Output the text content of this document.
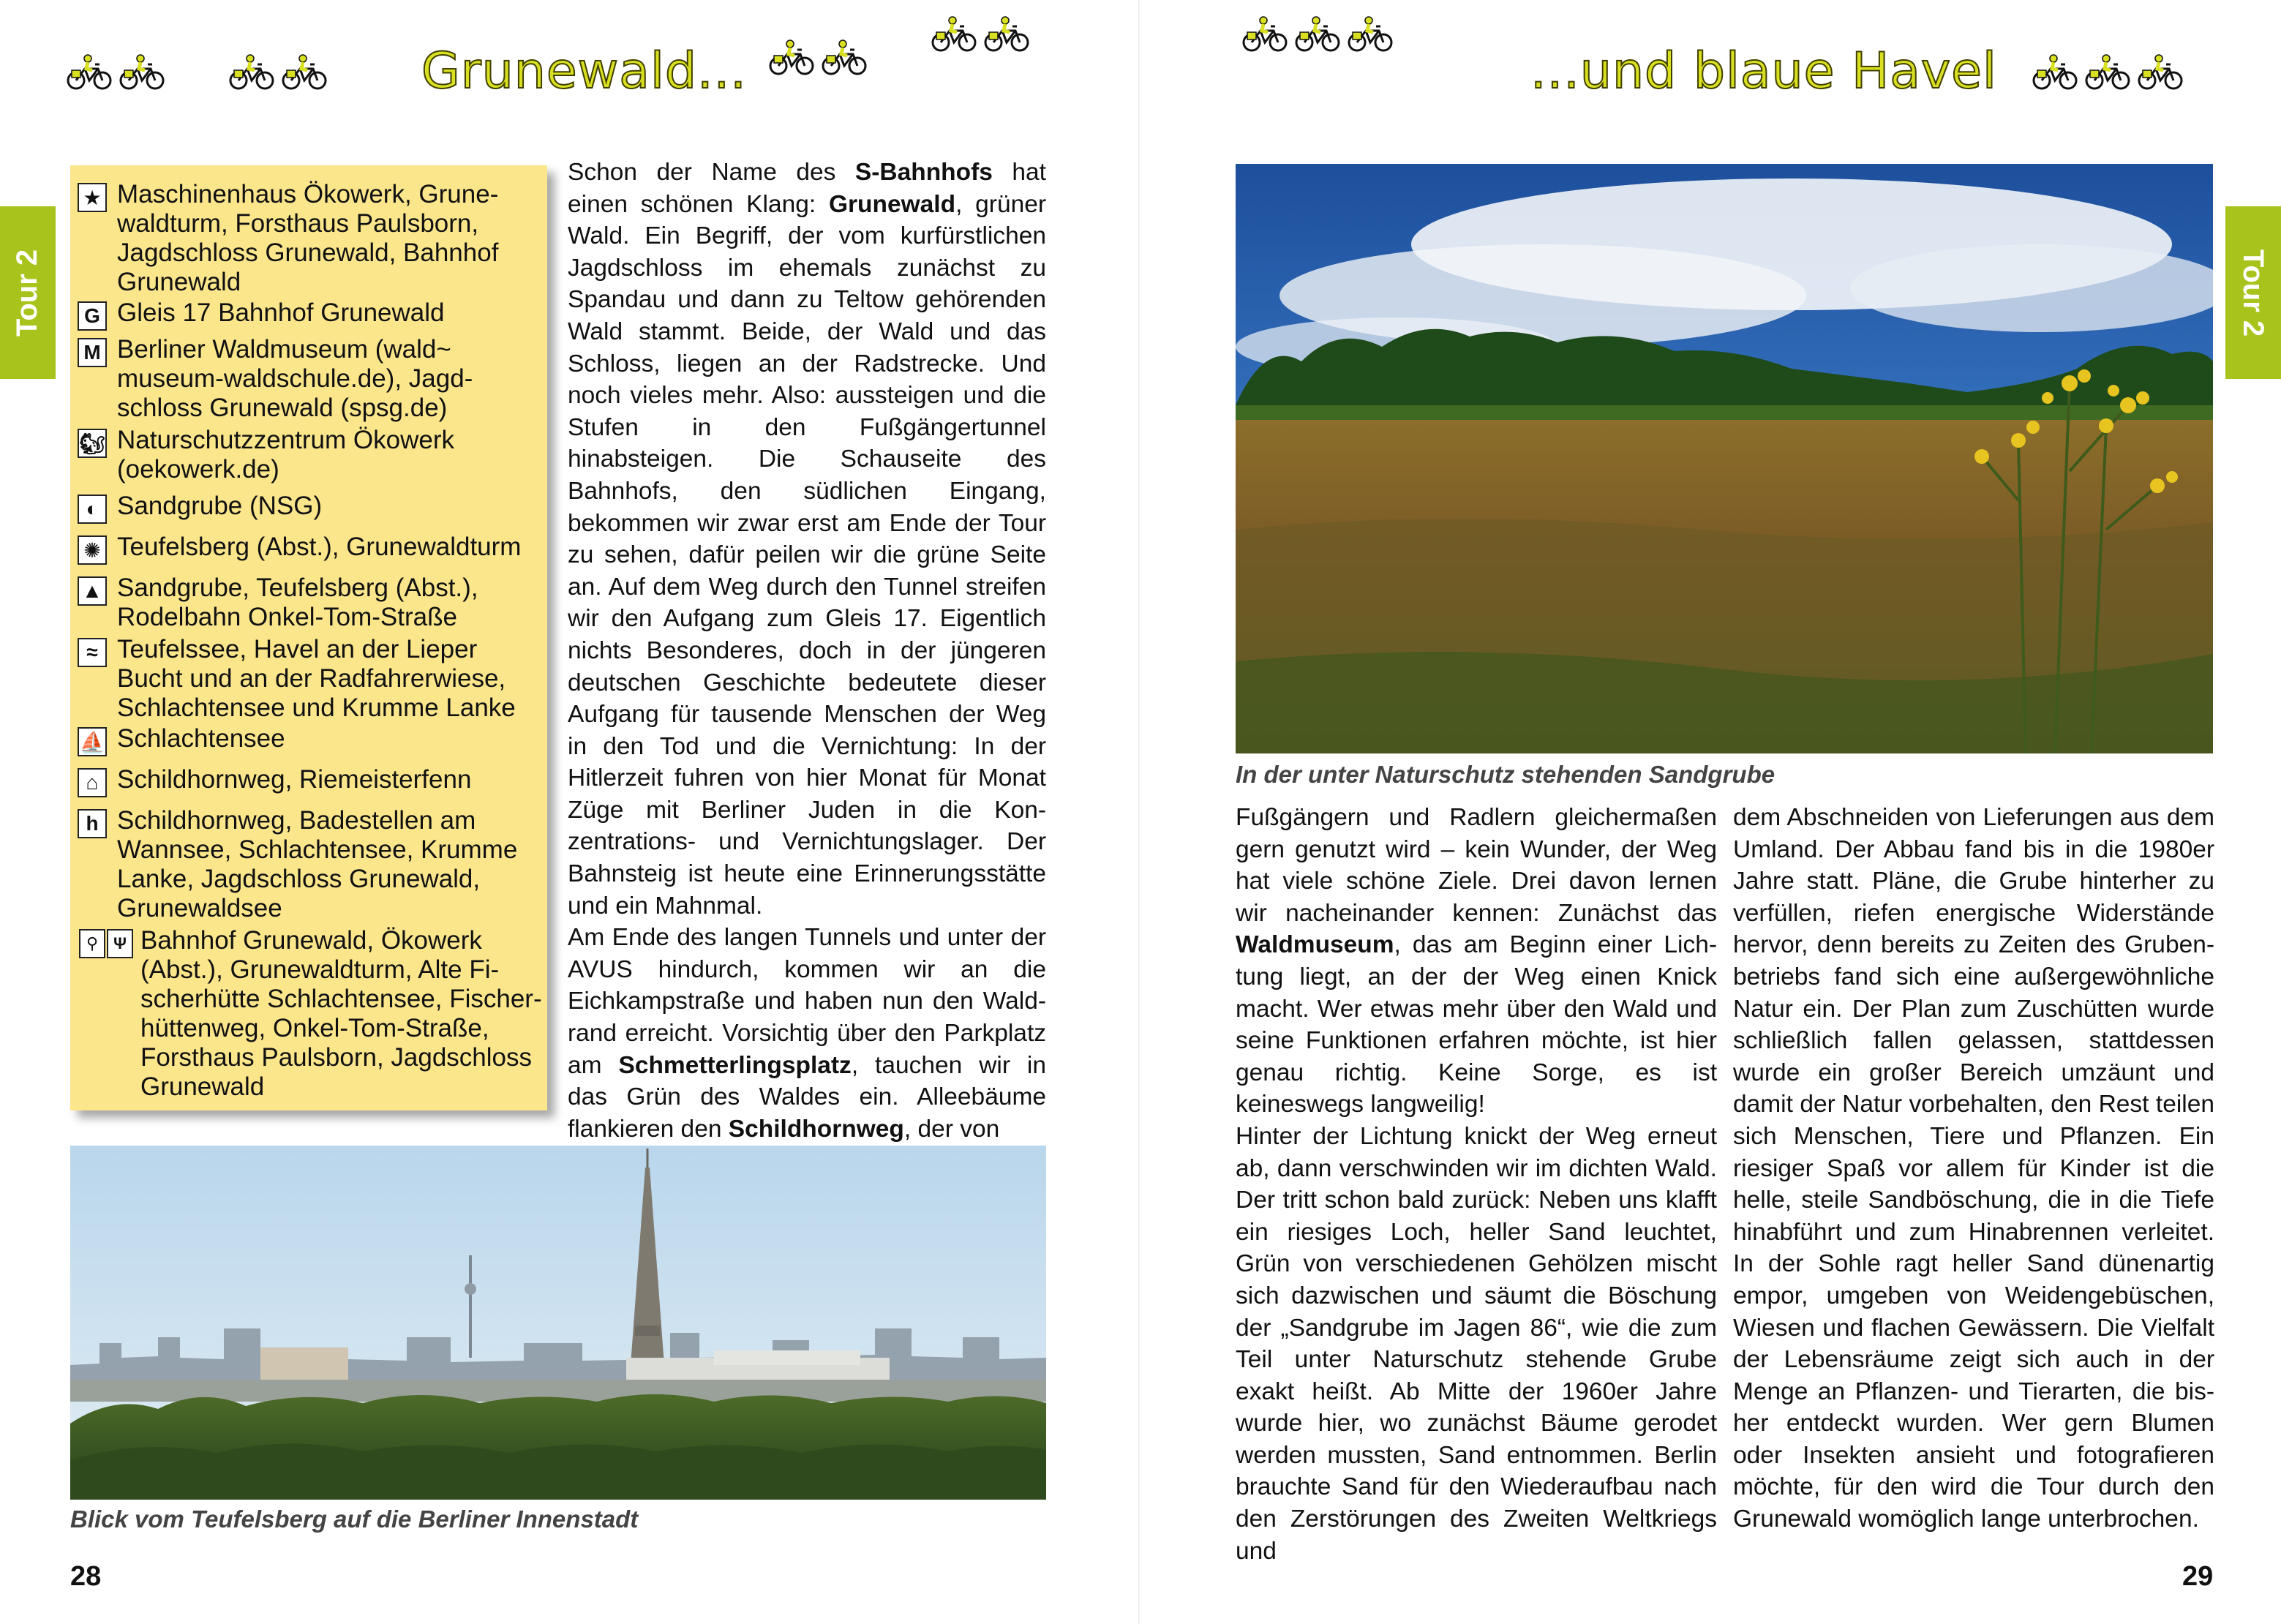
Grunewald...
Tour 2
★ Maschinenhaus Ökowerk, Grunewaldturm, Forsthaus Paulsborn, Jagdschloss Grunewald, Bahnhof Grunewald
G Gleis 17 Bahnhof Grunewald
M Berliner Waldmuseum (wald~ museum-waldschule.de), Jagdschloss Grunewald (spsg.de)
🐿 Naturschutzzentrum Ökowerk (oekowerk.de)
◐ Sandgrube (NSG)
✺ Teufelsberg (Abst.), Grunewaldturm
▲ Sandgrube, Teufelsberg (Abst.), Rodelbahn Onkel-Tom-Straße
≈ Teufelssee, Havel an der Lieper Bucht und an der Radfahrerwiese, Schlachtensee und Krumme Lanke
⛵ Schlachtensee
⌂ Schildhornweg, Riemeisterfenn
h Schildhornweg, Badestellen am Wannsee, Schlachtensee, Krumme Lanke, Jagdschloss Grunewald, Grunewaldsee
⚲ Ψ Bahnhof Grunewald, Ökowerk (Abst.), Grunewaldturm, Alte Fischerhütte Schlachtensee, Fischerhüttenweg, Onkel-Tom-Straße, Forsthaus Paulsborn, Jagdschloss Grunewald
Schon der Name des S-Bahnhofs hat einen schönen Klang: Grunewald, grüner Wald. Ein Begriff, der vom kurfürstlichen Jagdschloss im ehemals zunächst zu Spandau und dann zu Teltow gehörenden Wald stammt. Beide, der Wald und das Schloss, liegen an der Radstrecke. Und noch vieles mehr. Also: aussteigen und die Stufen in den Fußgängertunnel hinabsteigen. Die Schauseite des Bahnhofs, den südlichen Eingang, bekommen wir zwar erst am Ende der Tour zu sehen, dafür peilen wir die grüne Seite an. Auf dem Weg durch den Tunnel streifen wir den Aufgang zum Gleis 17. Eigentlich nichts Besonderes, doch in der jüngeren deutschen Geschichte bedeutete dieser Aufgang für tausende Menschen der Weg in den Tod und die Vernichtung: In der Hitlerzeit fuhren von hier Monat für Monat Züge mit Berliner Juden in die Konzentrations- und Vernichtungslager. Der Bahnsteig ist heute eine Erinnerungsstätte und ein Mahnmal.
Am Ende des langen Tunnels und unter der AVUS hindurch, kommen wir an die Eichkampstraße und haben nun den Waldrand erreicht. Vorsichtig über den Parkplatz am Schmetterlingsplatz, tauchen wir in das Grün des Waldes ein. Alleebäume flankieren den Schildhornweg, der von
Blick vom Teufelsberg auf die Berliner Innenstadt
28
...und blaue Havel
Tour 2
In der unter Naturschutz stehenden Sandgrube
Fußgängern und Radlern gleichermaßen gern genutzt wird – kein Wunder, der Weg hat viele schöne Ziele. Drei davon lernen wir nacheinander kennen: Zunächst das Waldmuseum, das am Beginn einer Lichtung liegt, an der der Weg einen Knick macht. Wer etwas mehr über den Wald und seine Funktionen erfahren möchte, ist hier genau richtig. Keine Sorge, es ist keineswegs langweilig!
Hinter der Lichtung knickt der Weg erneut ab, dann verschwinden wir im dichten Wald. Der tritt schon bald zurück: Neben uns klafft ein riesiges Loch, heller Sand leuchtet, Grün von verschiedenen Gehölzen mischt sich dazwischen und säumt die Böschung der „Sandgrube im Jagen 86“, wie die zum Teil unter Naturschutz stehende Grube exakt heißt. Ab Mitte der 1960er Jahre wurde hier, wo zunächst Bäume gerodet werden mussten, Sand entnommen. Berlin brauchte Sand für den Wiederaufbau nach den Zerstörungen des Zweiten Weltkriegs und
dem Abschneiden von Lieferungen aus dem Umland. Der Abbau fand bis in die 1980er Jahre statt. Pläne, die Grube hinterher zu verfüllen, riefen energische Widerstände hervor, denn bereits zu Zeiten des Grubenbetriebs fand sich eine außergewöhnliche Natur ein. Der Plan zum Zuschütten wurde schließlich fallen gelassen, stattdessen wurde ein großer Bereich umzäunt und damit der Natur vorbehalten, den Rest teilen sich Menschen, Tiere und Pflanzen. Ein riesiger Spaß vor allem für Kinder ist die helle, steile Sandböschung, die in die Tiefe hinabführt und zum Hinabrennen verleitet. In der Sohle ragt heller Sand dünenartig empor, umgeben von Weidengebüschen, Wiesen und flachen Gewässern. Die Vielfalt der Lebensräume zeigt sich auch in der Menge an Pflanzen- und Tierarten, die bisher entdeckt wurden. Wer gern Blumen oder Insekten ansieht und fotografieren möchte, für den wird die Tour durch den Grunewald womöglich lange unterbrochen.
29
